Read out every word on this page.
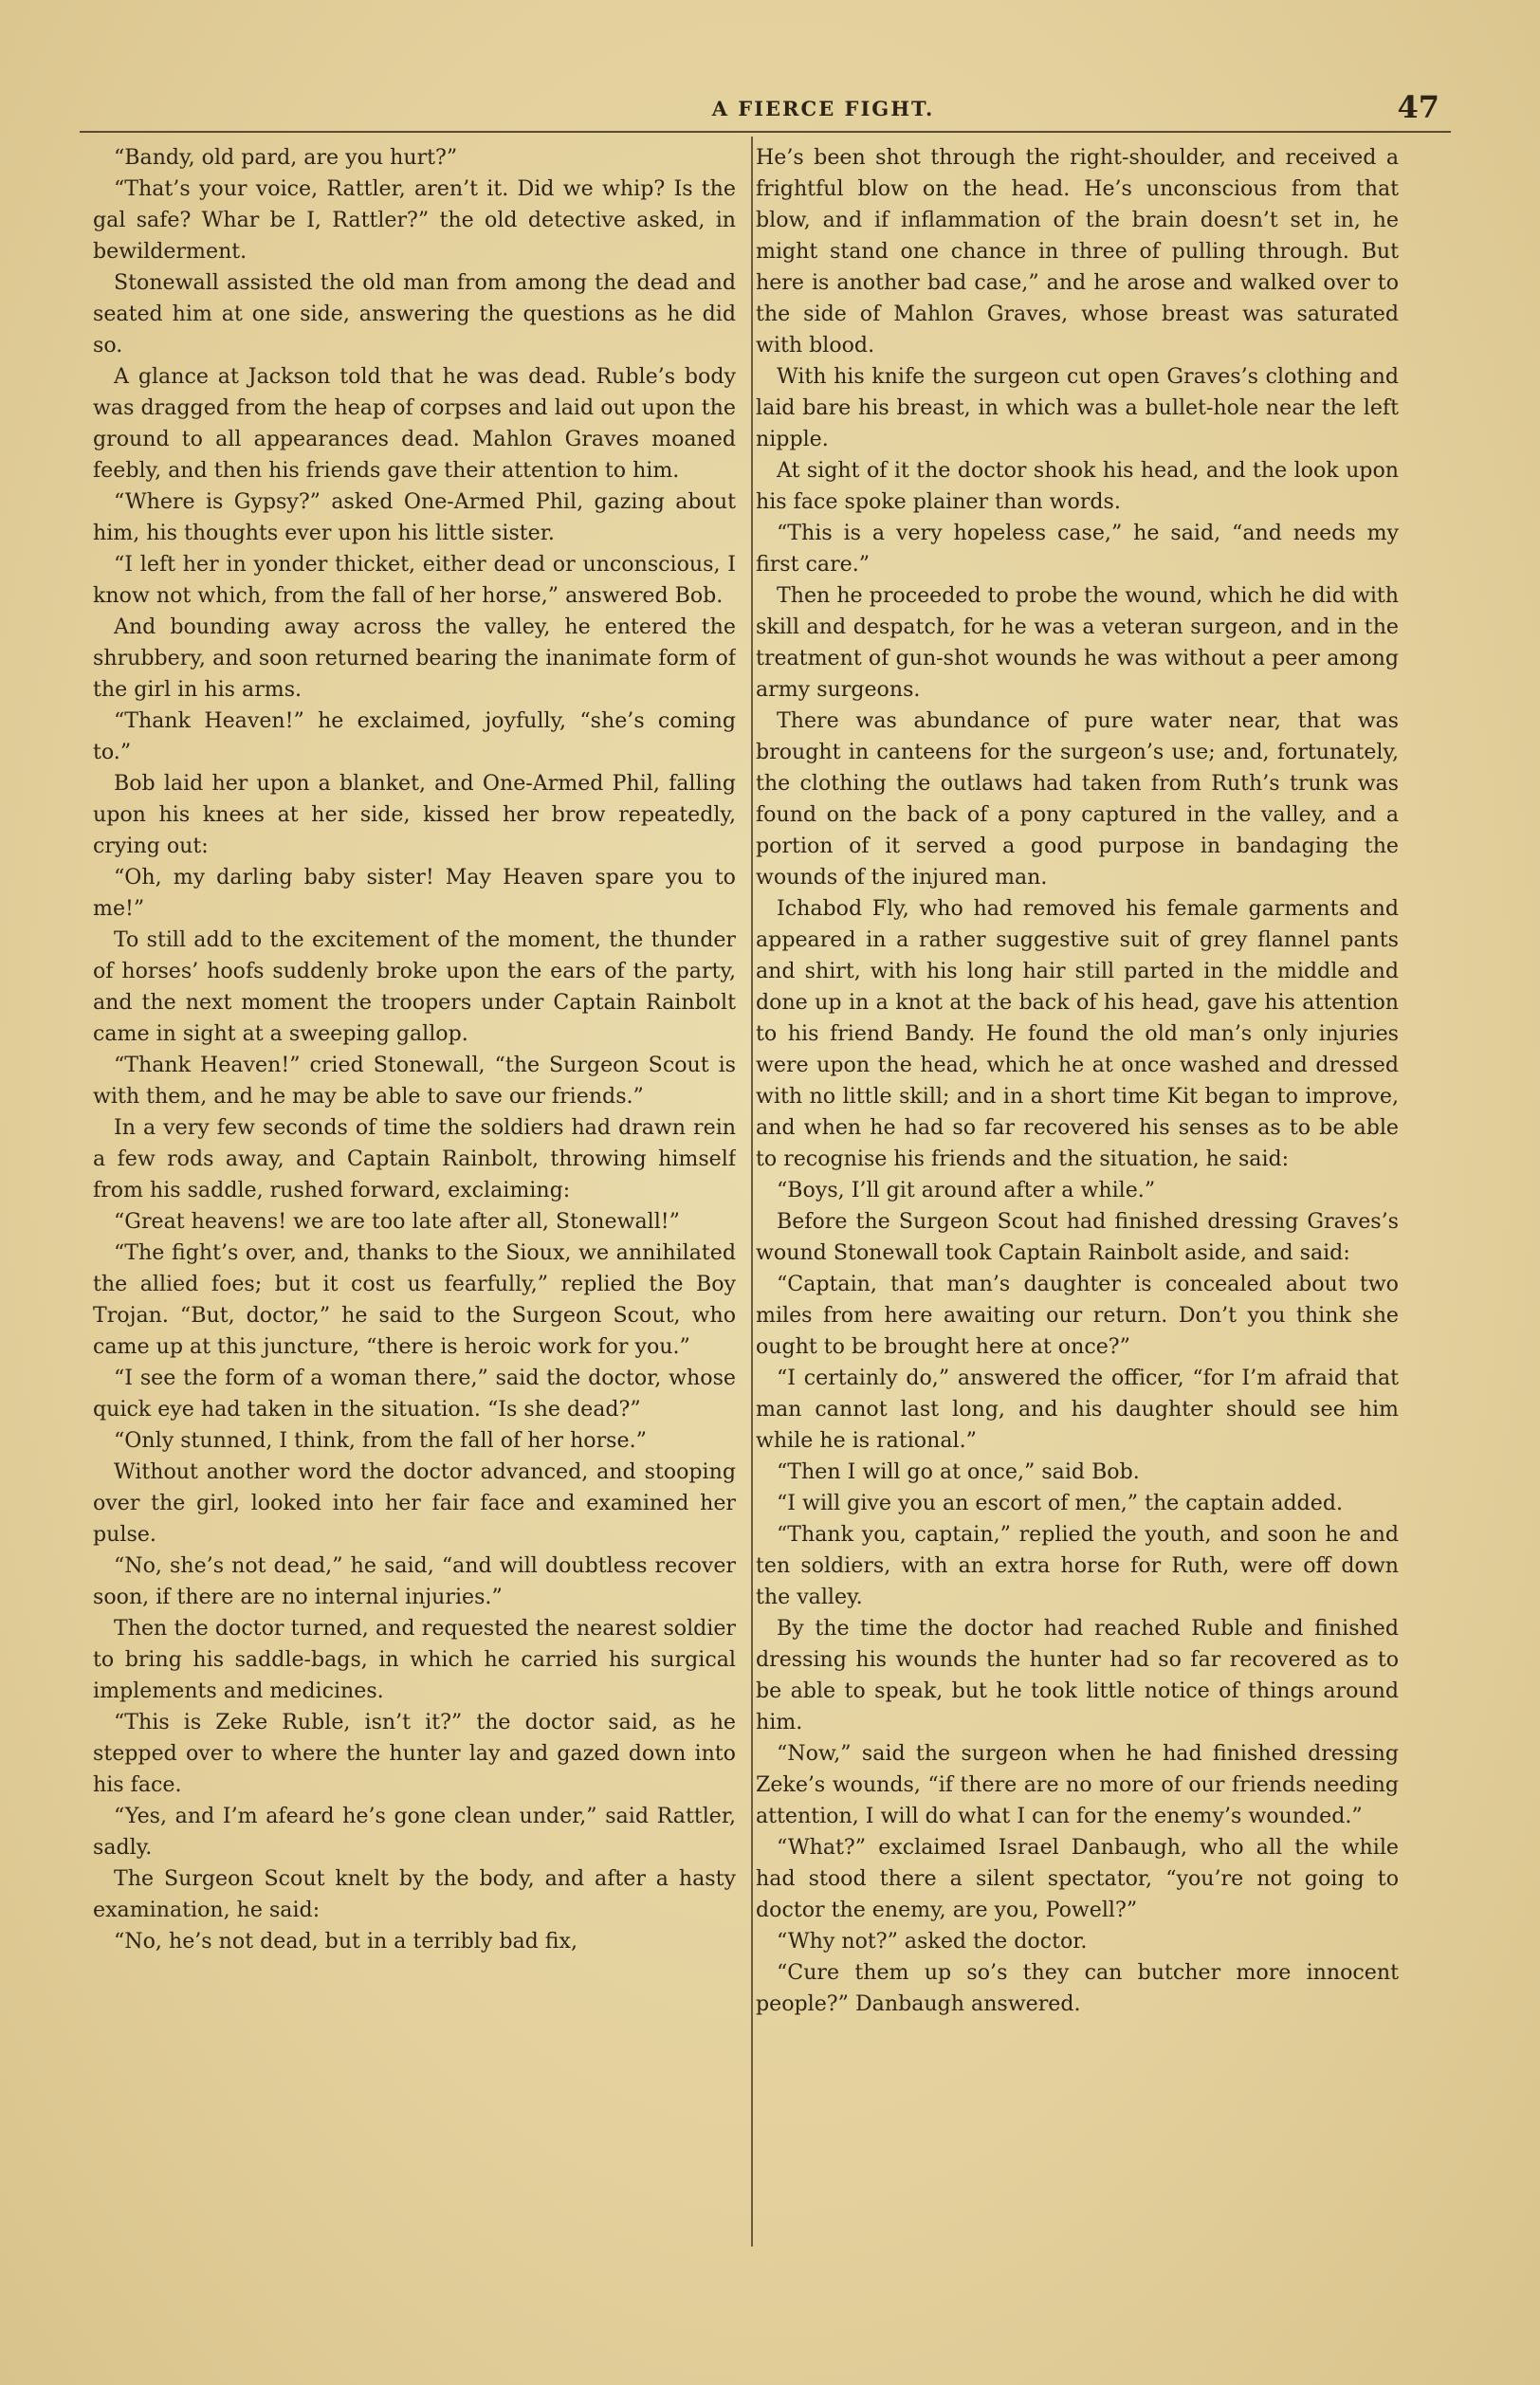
A FIERCE FIGHT.	47

“Bandy, old pard, are you hurt?”

“That’s your voice, Rattler, aren’t it. Did we whip? Is the gal safe? Whar be I, Rattler?” the old detective asked, in bewilderment.

Stonewall assisted the old man from among the dead and seated him at one side, answering the questions as he did so.

A glance at Jackson told that he was dead. Ruble’s body was dragged from the heap of corpses and laid out upon the ground to all appearances dead. Mahlon Graves moaned feebly, and then his friends gave their attention to him.

“Where is Gypsy?” asked One-Armed Phil, gazing about him, his thoughts ever upon his little sister.

“I left her in yonder thicket, either dead or unconscious, I know not which, from the fall of her horse,” answered Bob.

And bounding away across the valley, he entered the shrubbery, and soon returned bearing the inanimate form of the girl in his arms.

“Thank Heaven!” he exclaimed, joyfully, “she’s coming to.”

Bob laid her upon a blanket, and One-Armed Phil, falling upon his knees at her side, kissed her brow repeatedly, crying out:

“Oh, my darling baby sister! May Heaven spare you to me!”

To still add to the excitement of the moment, the thunder of horses’ hoofs suddenly broke upon the ears of the party, and the next moment the troopers under Captain Rainbolt came in sight at a sweeping gallop.

“Thank Heaven!” cried Stonewall, “the Surgeon Scout is with them, and he may be able to save our friends.”

In a very few seconds of time the soldiers had drawn rein a few rods away, and Captain Rainbolt, throwing himself from his saddle, rushed forward, exclaiming:

“Great heavens! we are too late after all, Stonewall!”

“The fight’s over, and, thanks to the Sioux, we annihilated the allied foes; but it cost us fearfully,” replied the Boy Trojan. “But, doctor,” he said to the Surgeon Scout, who came up at this juncture, “there is heroic work for you.”

“I see the form of a woman there,” said the doctor, whose quick eye had taken in the situation. “Is she dead?”

“Only stunned, I think, from the fall of her horse.”

Without another word the doctor advanced, and stooping over the girl, looked into her fair face and examined her pulse.

“No, she’s not dead,” he said, “and will doubtless recover soon, if there are no internal injuries.”

Then the doctor turned, and requested the nearest soldier to bring his saddle-bags, in which he carried his surgical implements and medicines.

“This is Zeke Ruble, isn’t it?” the doctor said, as he stepped over to where the hunter lay and gazed down into his face.

“Yes, and I’m afeard he’s gone clean under,” said Rattler, sadly.

The Surgeon Scout knelt by the body, and after a hasty examination, he said:

“No, he’s not dead, but in a terribly bad fix,

He’s been shot through the right-shoulder, and received a frightful blow on the head. He’s unconscious from that blow, and if inflammation of the brain doesn’t set in, he might stand one chance in three of pulling through. But here is another bad case,” and he arose and walked over to the side of Mahlon Graves, whose breast was saturated with blood.

With his knife the surgeon cut open Graves’s clothing and laid bare his breast, in which was a bullet-hole near the left nipple.

At sight of it the doctor shook his head, and the look upon his face spoke plainer than words.

“This is a very hopeless case,” he said, “and needs my first care.”

Then he proceeded to probe the wound, which he did with skill and despatch, for he was a veteran surgeon, and in the treatment of gun-shot wounds he was without a peer among army surgeons.

There was abundance of pure water near, that was brought in canteens for the surgeon’s use; and, fortunately, the clothing the outlaws had taken from Ruth’s trunk was found on the back of a pony captured in the valley, and a portion of it served a good purpose in bandaging the wounds of the injured man.

Ichabod Fly, who had removed his female garments and appeared in a rather suggestive suit of grey flannel pants and shirt, with his long hair still parted in the middle and done up in a knot at the back of his head, gave his attention to his friend Bandy. He found the old man’s only injuries were upon the head, which he at once washed and dressed with no little skill; and in a short time Kit began to improve, and when he had so far recovered his senses as to be able to recognise his friends and the situation, he said:

“Boys, I’ll git around after a while.”

Before the Surgeon Scout had finished dressing Graves’s wound Stonewall took Captain Rainbolt aside, and said:

“Captain, that man’s daughter is concealed about two miles from here awaiting our return. Don’t you think she ought to be brought here at once?”

“I certainly do,” answered the officer, “for I’m afraid that man cannot last long, and his daughter should see him while he is rational.”

“Then I will go at once,” said Bob.

“I will give you an escort of men,” the captain added.

“Thank you, captain,” replied the youth, and soon he and ten soldiers, with an extra horse for Ruth, were off down the valley.

By the time the doctor had reached Ruble and finished dressing his wounds the hunter had so far recovered as to be able to speak, but he took little notice of things around him.

“Now,” said the surgeon when he had finished dressing Zeke’s wounds, “if there are no more of our friends needing attention, I will do what I can for the enemy’s wounded.”

“What?” exclaimed Israel Danbaugh, who all the while had stood there a silent spectator, “you’re not going to doctor the enemy, are you, Powell?”

“Why not?” asked the doctor.

“Cure them up so’s they can butcher more innocent people?” Danbaugh answered.
